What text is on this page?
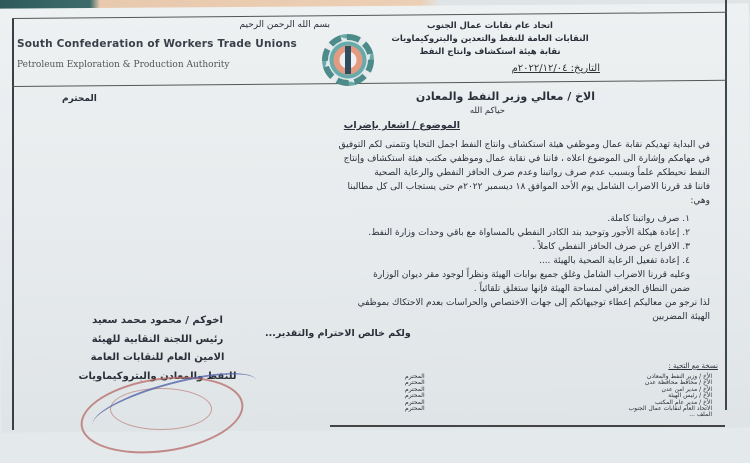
South Confederation of Workers Trade Unions
Petroleum Exploration & Production Authority
بسم الله الرحمن الرحيم	اتحاد عام نقابات عمال الجنوب
النقابات العامة للنفط والتعدين والبتروكيماويات
نقابة هيئة استكشاف وانتاج النفط
التاريخ: ٢٠٢٢/١٢/٠٤م
الاخ / معالي وزير النفط والمعادن
المحترم
حياكم الله
الموضوع / اشعار بإضراب
في البداية تهديكم نقابة عمال وموظفي هيئة استكشاف وانتاج النفط اجمل التحايا وتتمنى لكم التوفيق
في مهامكم وإشارة الى الموضوع اعلاه ، فاننا في نقابة عمال وموظفي مكتب هيئة استكشاف وإنتاج
النفط نحيطكم علماً وبسبب عدم صرف رواتبنا وعدم صرف الحافز النفطي والرعاية الصحية
فاننا قد قررنا الاضراب الشامل يوم الأحد الموافق ١٨ ديسمبر ٢٠٢٢م حتى يستجاب الى كل مطالبنا
وهي:
١. صرف رواتبنا كاملة.
٢. إعادة هيكلة الأجور وتوحيد بند الكادر النفطي بالمساواة مع باقي وحدات وزارة النفط.
٣. الافراج عن صرف الحافز النفطي كاملاً .
٤. إعادة تفعيل الرعاية الصحية بالهيئة ....
وعليه قررنا الاضراب الشامل وغلق جميع بوابات الهيئة ونظراً لوجود مقر ديوان الوزارة
ضمن النطاق الجغرافي لمساحة الهيئة فإنها ستغلق تلقائياً .
لذا نرجو من معاليكم إعطاء توجيهاتكم إلى جهات الاختصاص والحراسات بعدم الاحتكاك بموظفي
الهيئة المضربين
ولكم خالص الاحترام والتقدير...
اخوكم / محمود محمد سعيد
رئيس اللجنة النقابية للهيئة
الامين العام للنقابات العامة
للنفط والمعادن والبتروكيماويات
نسخة مع التحية :
الأخ / وزير النفط والمعادن
الأخ / محافظ محافظة عدن
الأخ / مدير امن عدن
الأخ / رئيس الهيئة
الأخ / مدير عام المكتب
الاتحاد العام لنقابات عمال الجنوب
الملف ...
المحترم
المحترم
المحترم
المحترم
المحترم
المحترم
